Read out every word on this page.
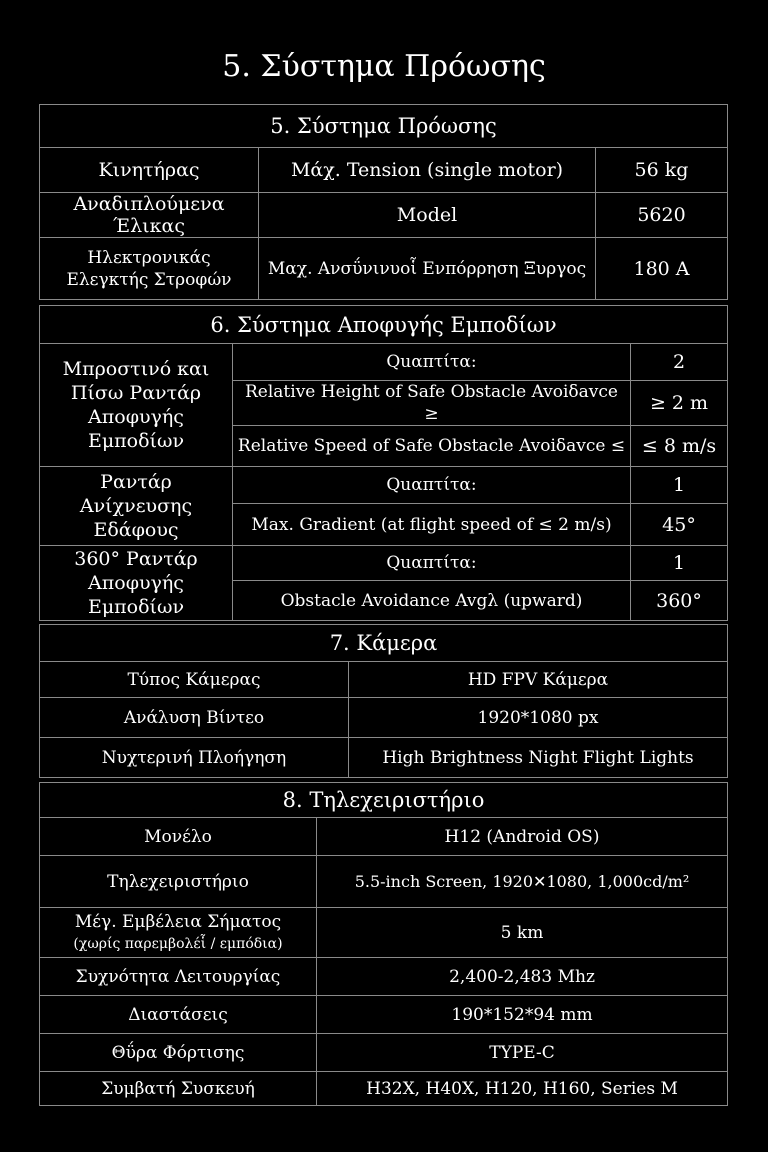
5. Σύστημα Πρόωσης
5. Σύστημα Πρόωσης		
Κινητήρας	Μάχ. Tension (single motor)	56 kg
Αναδιπλούμενα Έλικας	Model	5620
Ηλεκτρονικάς Ελεγκτής Στροφών	Μαχ. Ανσΰνινυοἷ Ενπόρρηση Ξυργος	180 A
6. Σύστημα Αποφυγής Εμποδίων		
Μπροστινό και Πίσω Ραντάρ Αποφυγής Εμποδίων	Quαπτίτα:	2
	Relative Height of Safe Obstacle Avoiδavce ≥	≥ 2 m
	Relative Speed of Safe Obstacle Avoiδavce ≤	≤ 8 m/s
Ραντάρ Ανίχνευσης Εδάφους	Quαπτίτα:	1
	Max. Gradient (at flight speed of ≤ 2 m/s)	45°
360° Ραντάρ Αποφυγής Εμποδίων	Quαπτίτα:	1
	Obstacle Avoidance Avgλ (upward)	360°
7. Κάμερα	
Τύπος Κάμερας	HD FPV Κάμερα
Ανάλυση Βίντεο	1920*1080 px
Νυχτερινή Πλοήγηση	High Brightness Night Flight Lights
8. Τηλεχειριστήριο	
Μονέλο	H12 (Android OS)
Τηλεχειριστήριο	5.5-inch Screen, 1920✕1080, 1,000cd/m²

Μέγ. Εμβέλεια Σήματος
(χωρίς παρεμβολέἷ / εμπόδια)	5 km
Συχνότητα Λειτουργίας	2,400-2,483 Mhz
Διαστάσεις	190*152*94 mm
Θΰρα Φόρτισης	TYPE-C
Συμβατή Συσκευή	H32X, H40X, H120, H160, Series M
